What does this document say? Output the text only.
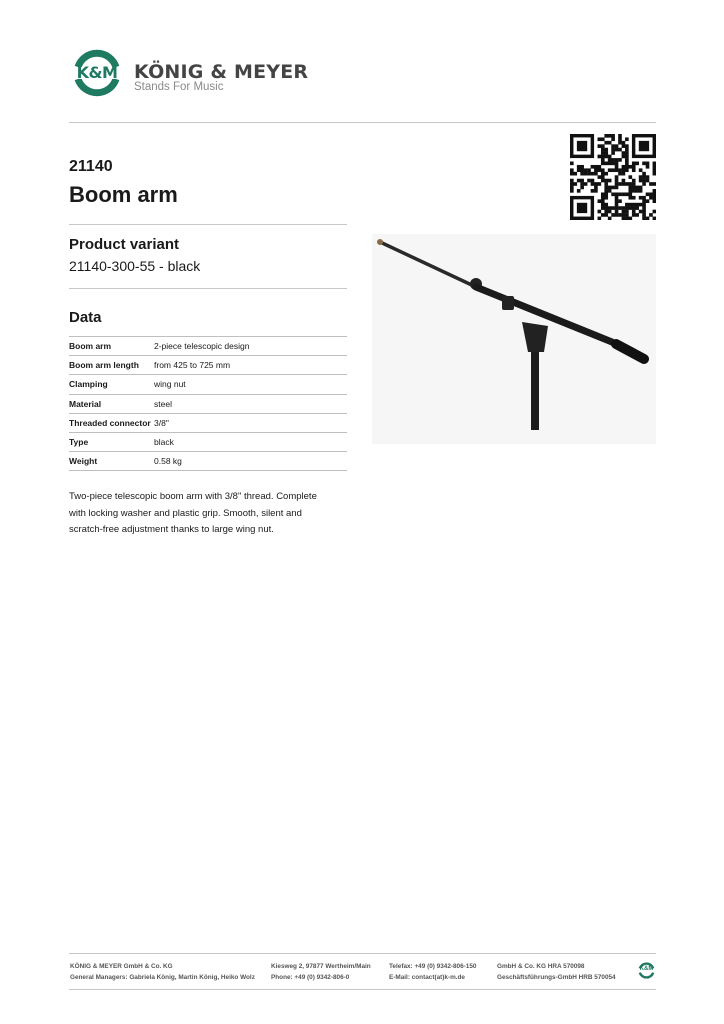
K&M KÖNIG & MEYER
Stands For Music
21140
Boom arm
Product variant
21140-300-55 - black
Data
Boom arm	2-piece telescopic design
Boom arm length	from 425 to 725 mm
Clamping	wing nut
Material	steel
Threaded connector	3/8"
Type	black
Weight	0.58 kg
Two-piece telescopic boom arm with 3/8" thread. Complete
with locking washer and plastic grip. Smooth, silent and
scratch-free adjustment thanks to large wing nut.
KÖNIG & MEYER GmbH & Co. KG
General Managers: Gabriela König, Martin König, Heiko Wolz
Kiesweg 2, 97877 Wertheim/Main
Phone: +49 (0) 9342-806-0
Telefax: +49 (0) 9342-806-150
E-Mail: contact(at)k-m.de
GmbH & Co. KG HRA 570098
Geschäftsführungs-GmbH HRB 570054
K&M
